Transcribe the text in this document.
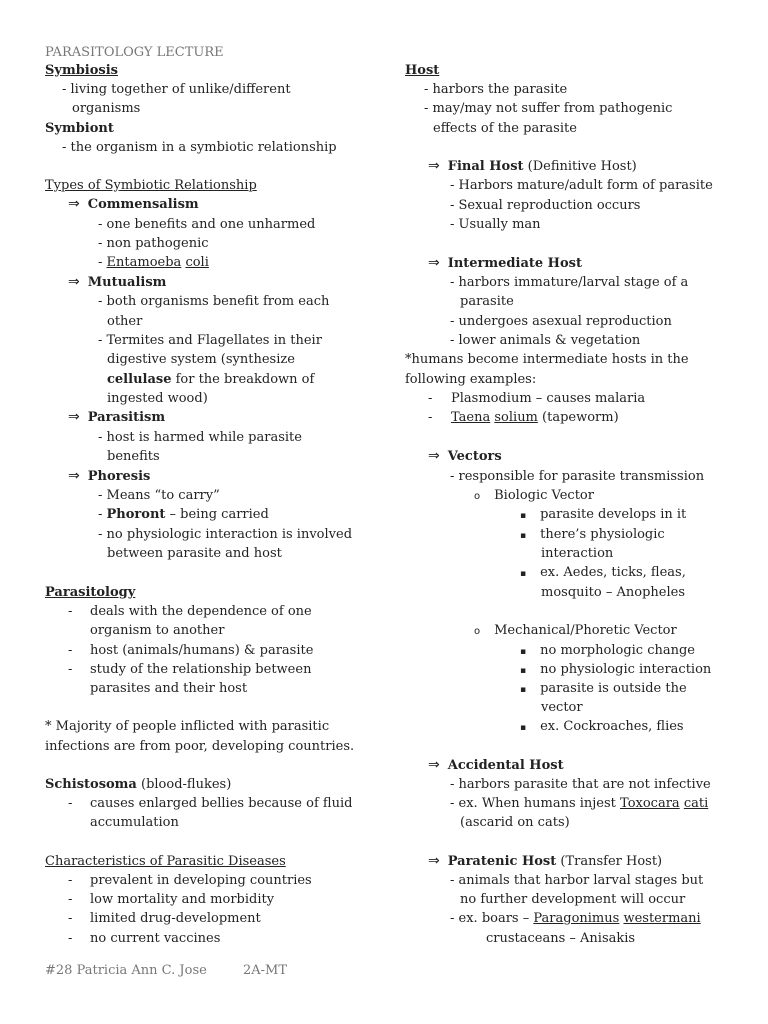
PARASITOLOGY LECTURE
Symbiosis
- living together of unlike/different
organisms
Symbiont
- the organism in a symbiotic relationship
Types of Symbiotic Relationship
⇒ Commensalism
- one benefits and one unharmed
- non pathogenic
- Entamoeba coli
⇒ Mutualism
- both organisms benefit from each
other
- Termites and Flagellates in their
digestive system (synthesize
cellulase for the breakdown of
ingested wood)
⇒ Parasitism
- host is harmed while parasite
benefits
⇒ Phoresis
- Means “to carry”
- Phoront – being carried
- no physiologic interaction is involved
between parasite and host
Parasitology
- deals with the dependence of one
organism to another
- host (animals/humans) & parasite
- study of the relationship between
parasites and their host
* Majority of people inflicted with parasitic
infections are from poor, developing countries.
Schistosoma (blood-flukes)
- causes enlarged bellies because of fluid
accumulation
Characteristics of Parasitic Diseases
- prevalent in developing countries
- low mortality and morbidity
- limited drug-development
- no current vaccines
Host
- harbors the parasite
- may/may not suffer from pathogenic
effects of the parasite
⇒ Final Host (Definitive Host)
- Harbors mature/adult form of parasite
- Sexual reproduction occurs
- Usually man
⇒ Intermediate Host
- harbors immature/larval stage of a
parasite
- undergoes asexual reproduction
- lower animals & vegetation
*humans become intermediate hosts in the
following examples:
- Plasmodium – causes malaria
- Taena solium (tapeworm)
⇒ Vectors
- responsible for parasite transmission
o Biologic Vector
▪ parasite develops in it
▪ there’s physiologic
interaction
▪ ex. Aedes, ticks, fleas,
mosquito – Anopheles
o Mechanical/Phoretic Vector
▪ no morphologic change
▪ no physiologic interaction
▪ parasite is outside the
vector
▪ ex. Cockroaches, flies
⇒ Accidental Host
- harbors parasite that are not infective
- ex. When humans injest Toxocara cati
(ascarid on cats)
⇒ Paratenic Host (Transfer Host)
- animals that harbor larval stages but
no further development will occur
- ex. boars – Paragonimus westermani
crustaceans – Anisakis
#28 Patricia Ann C. Jose	2A-MT
